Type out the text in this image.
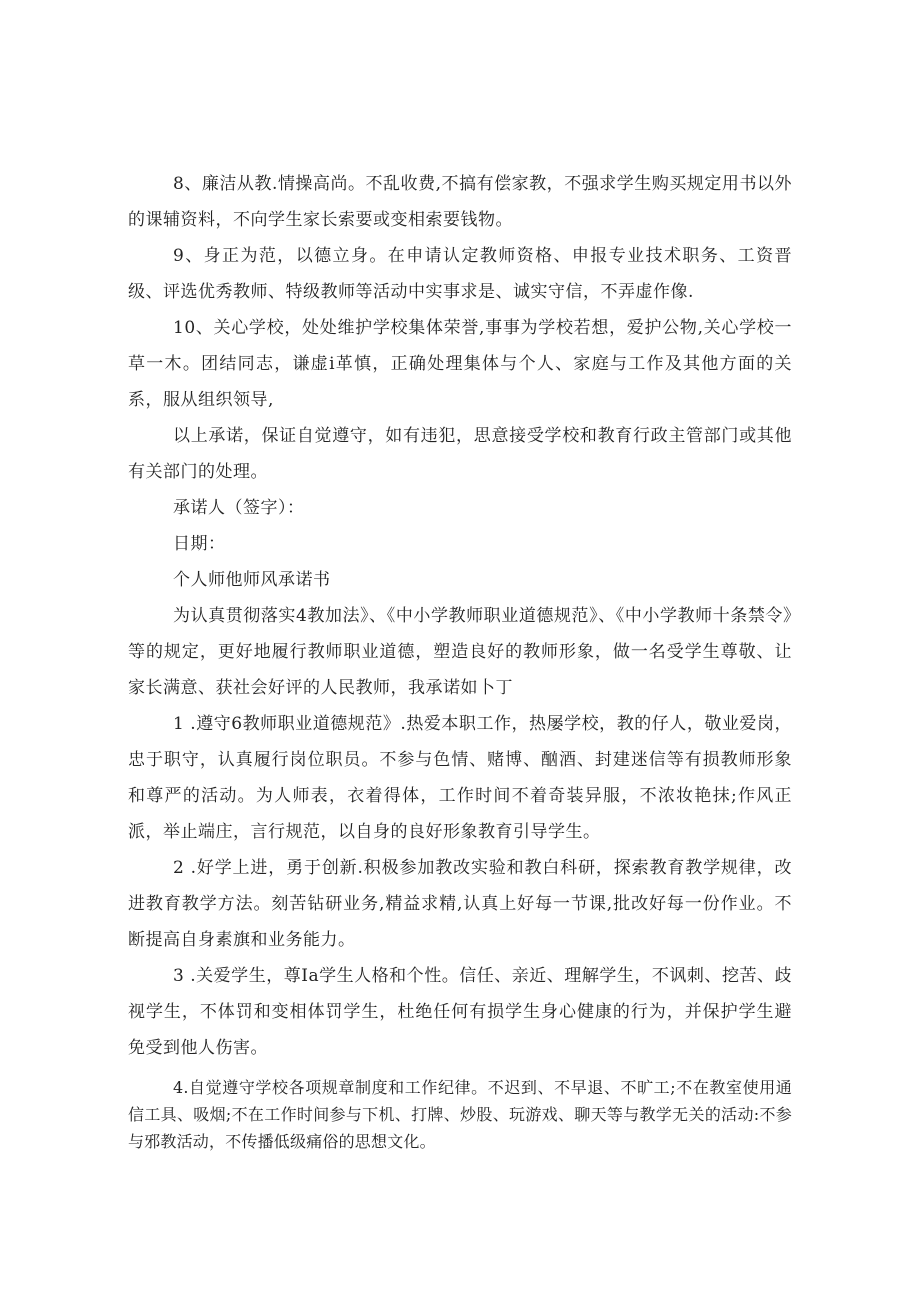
8、廉洁从教.情操高尚。不乱收费,不搞有偿家教，不强求学生购买规定用书以外的课辅资料，不向学生家长索要或变相索要钱物。

9、身正为范，以德立身。在申请认定教师资格、申报专业技术职务、工资晋级、评选优秀教师、特级教师等活动中实事求是、诚实守信，不弄虚作像.

10、关心学校，处处维护学校集体荣誉,事事为学校若想，爱护公物,关心学校一草一木。团结同志，谦虚i革慎，正确处理集体与个人、家庭与工作及其他方面的关系，服从组织领导,

以上承诺，保证自觉遵守，如有违犯，思意接受学校和教育行政主管部门或其他有关部门的处理。

承诺人（签字）：

日期：

个人师他师风承诺书

为认真贯彻落实4教加法》、《中小学教师职业道德规范》、《中小学教师十条禁令》等的规定，更好地履行教师职业道德，塑造良好的教师形象，做一名受学生尊敬、让家长满意、获社会好评的人民教师，我承诺如卜丁

1 .遵守6教师职业道德规范》.热爱本职工作，热屡学校，教的仔人，敬业爱岗，忠于职守，认真履行岗位职员。不参与色情、赌博、酗酒、封建迷信等有损教师形象和尊严的活动。为人师表，衣着得体，工作时间不着奇装异服，不浓妆艳抹;作风正派，举止端庄，言行规范，以自身的良好形象教育引导学生。

2 .好学上进，勇于创新.积极参加教改实验和教白科研，探索教育教学规律，改进教育教学方法。刻苦钻研业务,精益求精,认真上好每一节课,批改好每一份作业。不断提高自身素旗和业务能力。

3 .关爱学生，尊Ia学生人格和个性。信任、亲近、理解学生，不讽刺、挖苦、歧视学生，不体罚和变相体罚学生，杜绝任何有损学生身心健康的行为，并保护学生避免受到他人伤害。

4.自觉遵守学校各项规章制度和工作纪律。不迟到、不早退、不旷工;不在教室使用通信工具、吸烟;不在工作时间参与下机、打牌、炒股、玩游戏、聊天等与教学无关的活动:不参与邪教活动，不传播低级痛俗的思想文化。
